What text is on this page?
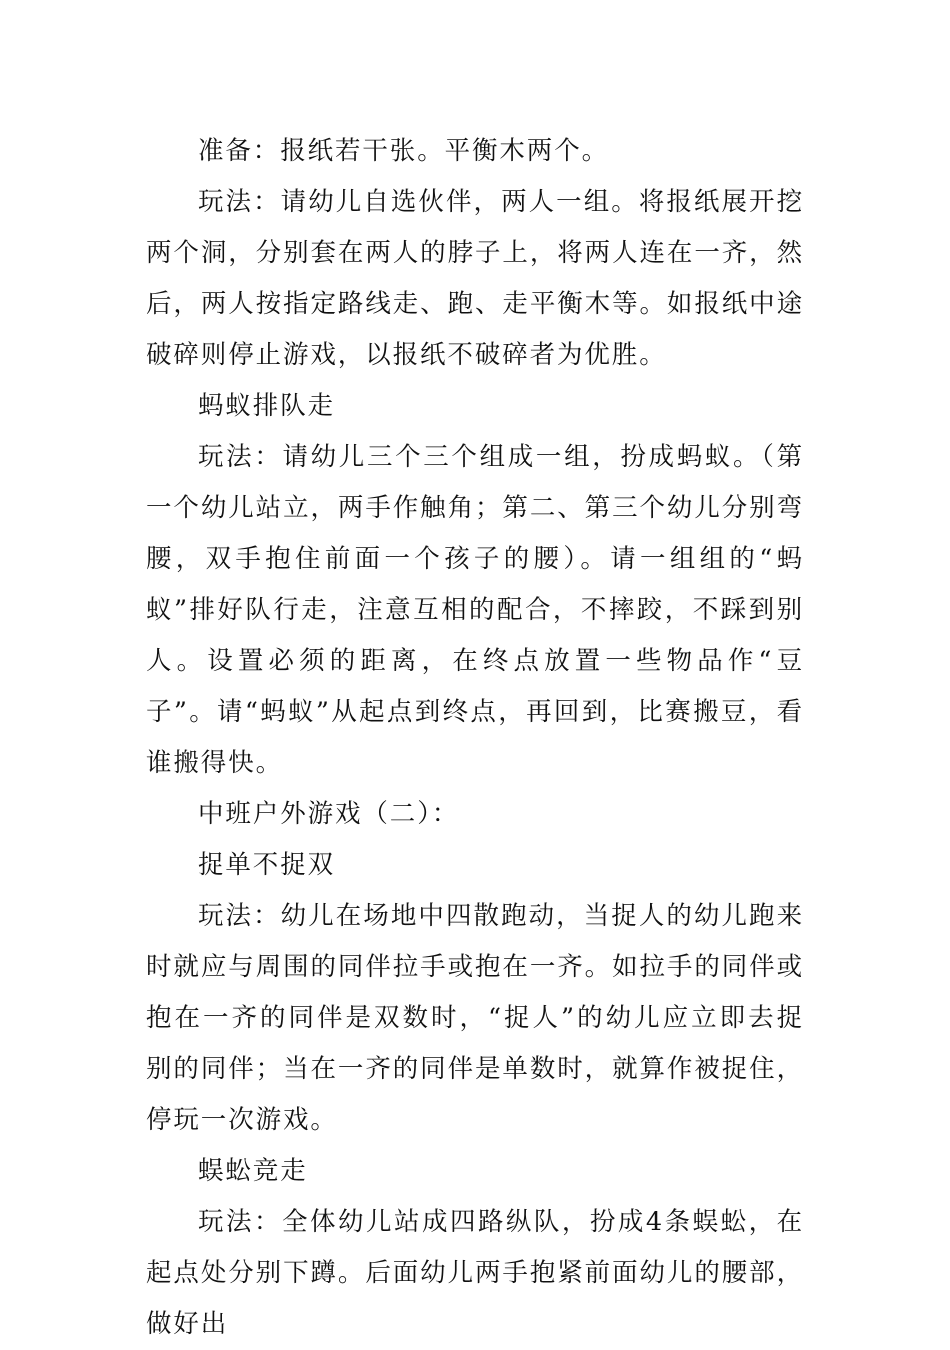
准备：报纸若干张。平衡木两个。

玩法：请幼儿自选伙伴，两人一组。将报纸展开挖两个洞，分别套在两人的脖子上，将两人连在一齐，然后，两人按指定路线走、跑、走平衡木等。如报纸中途破碎则停止游戏，以报纸不破碎者为优胜。

蚂蚁排队走

玩法：请幼儿三个三个组成一组，扮成蚂蚁。（第一个幼儿站立，两手作触角；第二、第三个幼儿分别弯腰，双手抱住前面一个孩子的腰）。请一组组的“蚂蚁”排好队行走，注意互相的配合，不摔跤，不踩到别人。设置必须的距离，在终点放置一些物品作“豆子”。请“蚂蚁”从起点到终点，再回到，比赛搬豆，看谁搬得快。

中班户外游戏（二）：

捉单不捉双

玩法：幼儿在场地中四散跑动，当捉人的幼儿跑来时就应与周围的同伴拉手或抱在一齐。如拉手的同伴或抱在一齐的同伴是双数时，“捉人”的幼儿应立即去捉别的同伴；当在一齐的同伴是单数时，就算作被捉住，停玩一次游戏。

蜈蚣竞走

玩法：全体幼儿站成四路纵队，扮成4条蜈蚣，在起点处分别下蹲。后面幼儿两手抱紧前面幼儿的腰部，做好出
